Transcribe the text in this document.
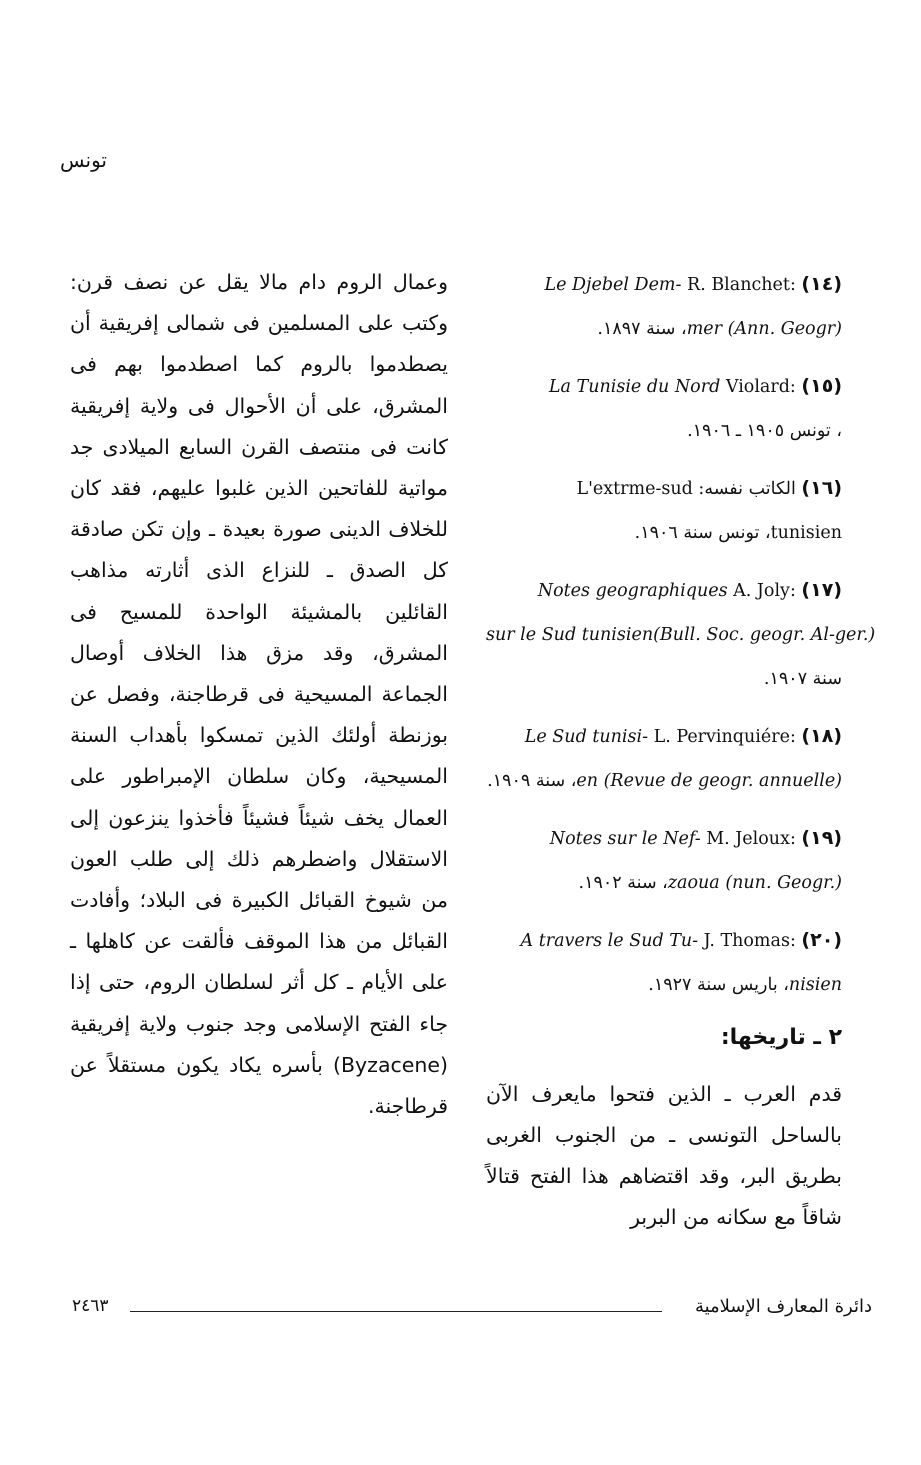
تونس

وعمال الروم دام مالا يقل عن نصف قرن: وكتب على المسلمين فى شمالى إفريقية أن يصطدموا بالروم كما اصطدموا بهم فى المشرق، على أن الأحوال فى ولاية إفريقية كانت فى منتصف القرن السابع الميلادى جد مواتية للفاتحين الذين غلبوا عليهم، فقد كان للخلاف الدينى صورة بعيدة ـ وإن تكن صادقة كل الصدق ـ للنزاع الذى أثارته مذاهب القائلين بالمشيئة الواحدة للمسيح فى المشرق، وقد مزق هذا الخلاف أوصال الجماعة المسيحية فى قرطاجنة، وفصل عن بوزنطة أولئك الذين تمسكوا بأهداب السنة المسيحية، وكان سلطان الإمبراطور على العمال يخف شيئاً فشيئاً فأخذوا ينزعون إلى الاستقلال واضطرهم ذلك إلى طلب العون من شيوخ القبائل الكبيرة فى البلاد؛ وأفادت القبائل من هذا الموقف فألقت عن كاهلها ـ على الأيام ـ كل أثر لسلطان الروم، حتى إذا جاء الفتح الإسلامى وجد جنوب ولاية إفريقية (Byzacene) بأسره يكاد يكون مستقلاً عن قرطاجنة.

Le Djebel Dem- R. Blanchet: (١٤)
mer (Ann. Geogr)، سنة ١٨٩٧.
La Tunisie du Nord Violard: (١٥)
، تونس ١٩٠٥ ـ ١٩٠٦.
L'extrme-sud الكاتب نفسه: (١٦)
tunisien، تونس سنة ١٩٠٦.
Notes geographiques A. Joly: (١٧)
sur le Sud tunisien(Bull. Soc. geogr. Al-ger.)
سنة ١٩٠٧.
Le Sud tunisi- L. Pervinquiére: (١٨)
en (Revue de geogr. annuelle)، سنة ١٩٠٩.
Notes sur le Nef- M. Jeloux: (١٩)
zaoua (nun. Geogr.)، سنة ١٩٠٢.
A travers le Sud Tu- J. Thomas: (٢٠)
nisien، باريس سنة ١٩٢٧.
٢ ـ تاريخها:

قدم العرب ـ الذين فتحوا مايعرف الآن بالساحل التونسى ـ من الجنوب الغربى بطريق البر، وقد اقتضاهم هذا الفتح قتالاً شاقاً مع سكانه من البربر

٢٤٦٣	دائرة المعارف الإسلامية
